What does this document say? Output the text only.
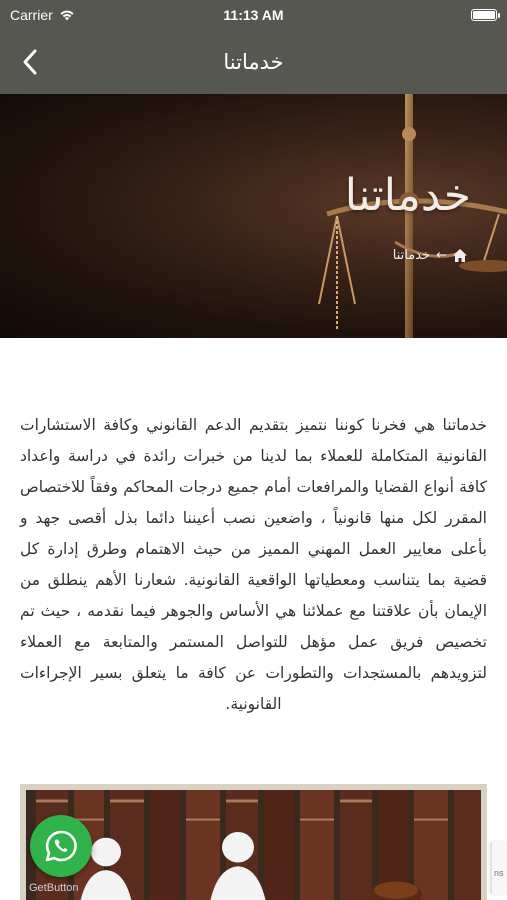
Carrier	11:13 AM
خدماتنا
خدماتنا
←
خدماتنا

خدماتنا هي فخرنا كوننا نتميز بتقديم الدعم القانوني وكافة الاستشارات القانونية المتكاملة للعملاء بما لدينا من خبرات رائدة في دراسة واعداد كافة أنواع القضايا والمرافعات أمام جميع درجات المحاكم وفقاً للاختصاص المقرر لكل منها قانونياً ، واضعين نصب أعيننا دائما بذل أقصى جهد و بأعلى معايير العمل المهني المميز من حيث الاهتمام وطرق إدارة كل قضية بما يتناسب ومعطياتها الواقعية القانونية. شعارنا الأهم ينطلق من الإيمان بأن علاقتنا مع عملائنا هي الأساس والجوهر فيما نقدمه ، حيث تم تخصيص فريق عمل مؤهل للتواصل المستمر والمتابعة مع العملاء لتزويدهم بالمستجدات والتطورات عن كافة ما يتعلق بسير الإجراءات القانونية.

GetButton
ns
